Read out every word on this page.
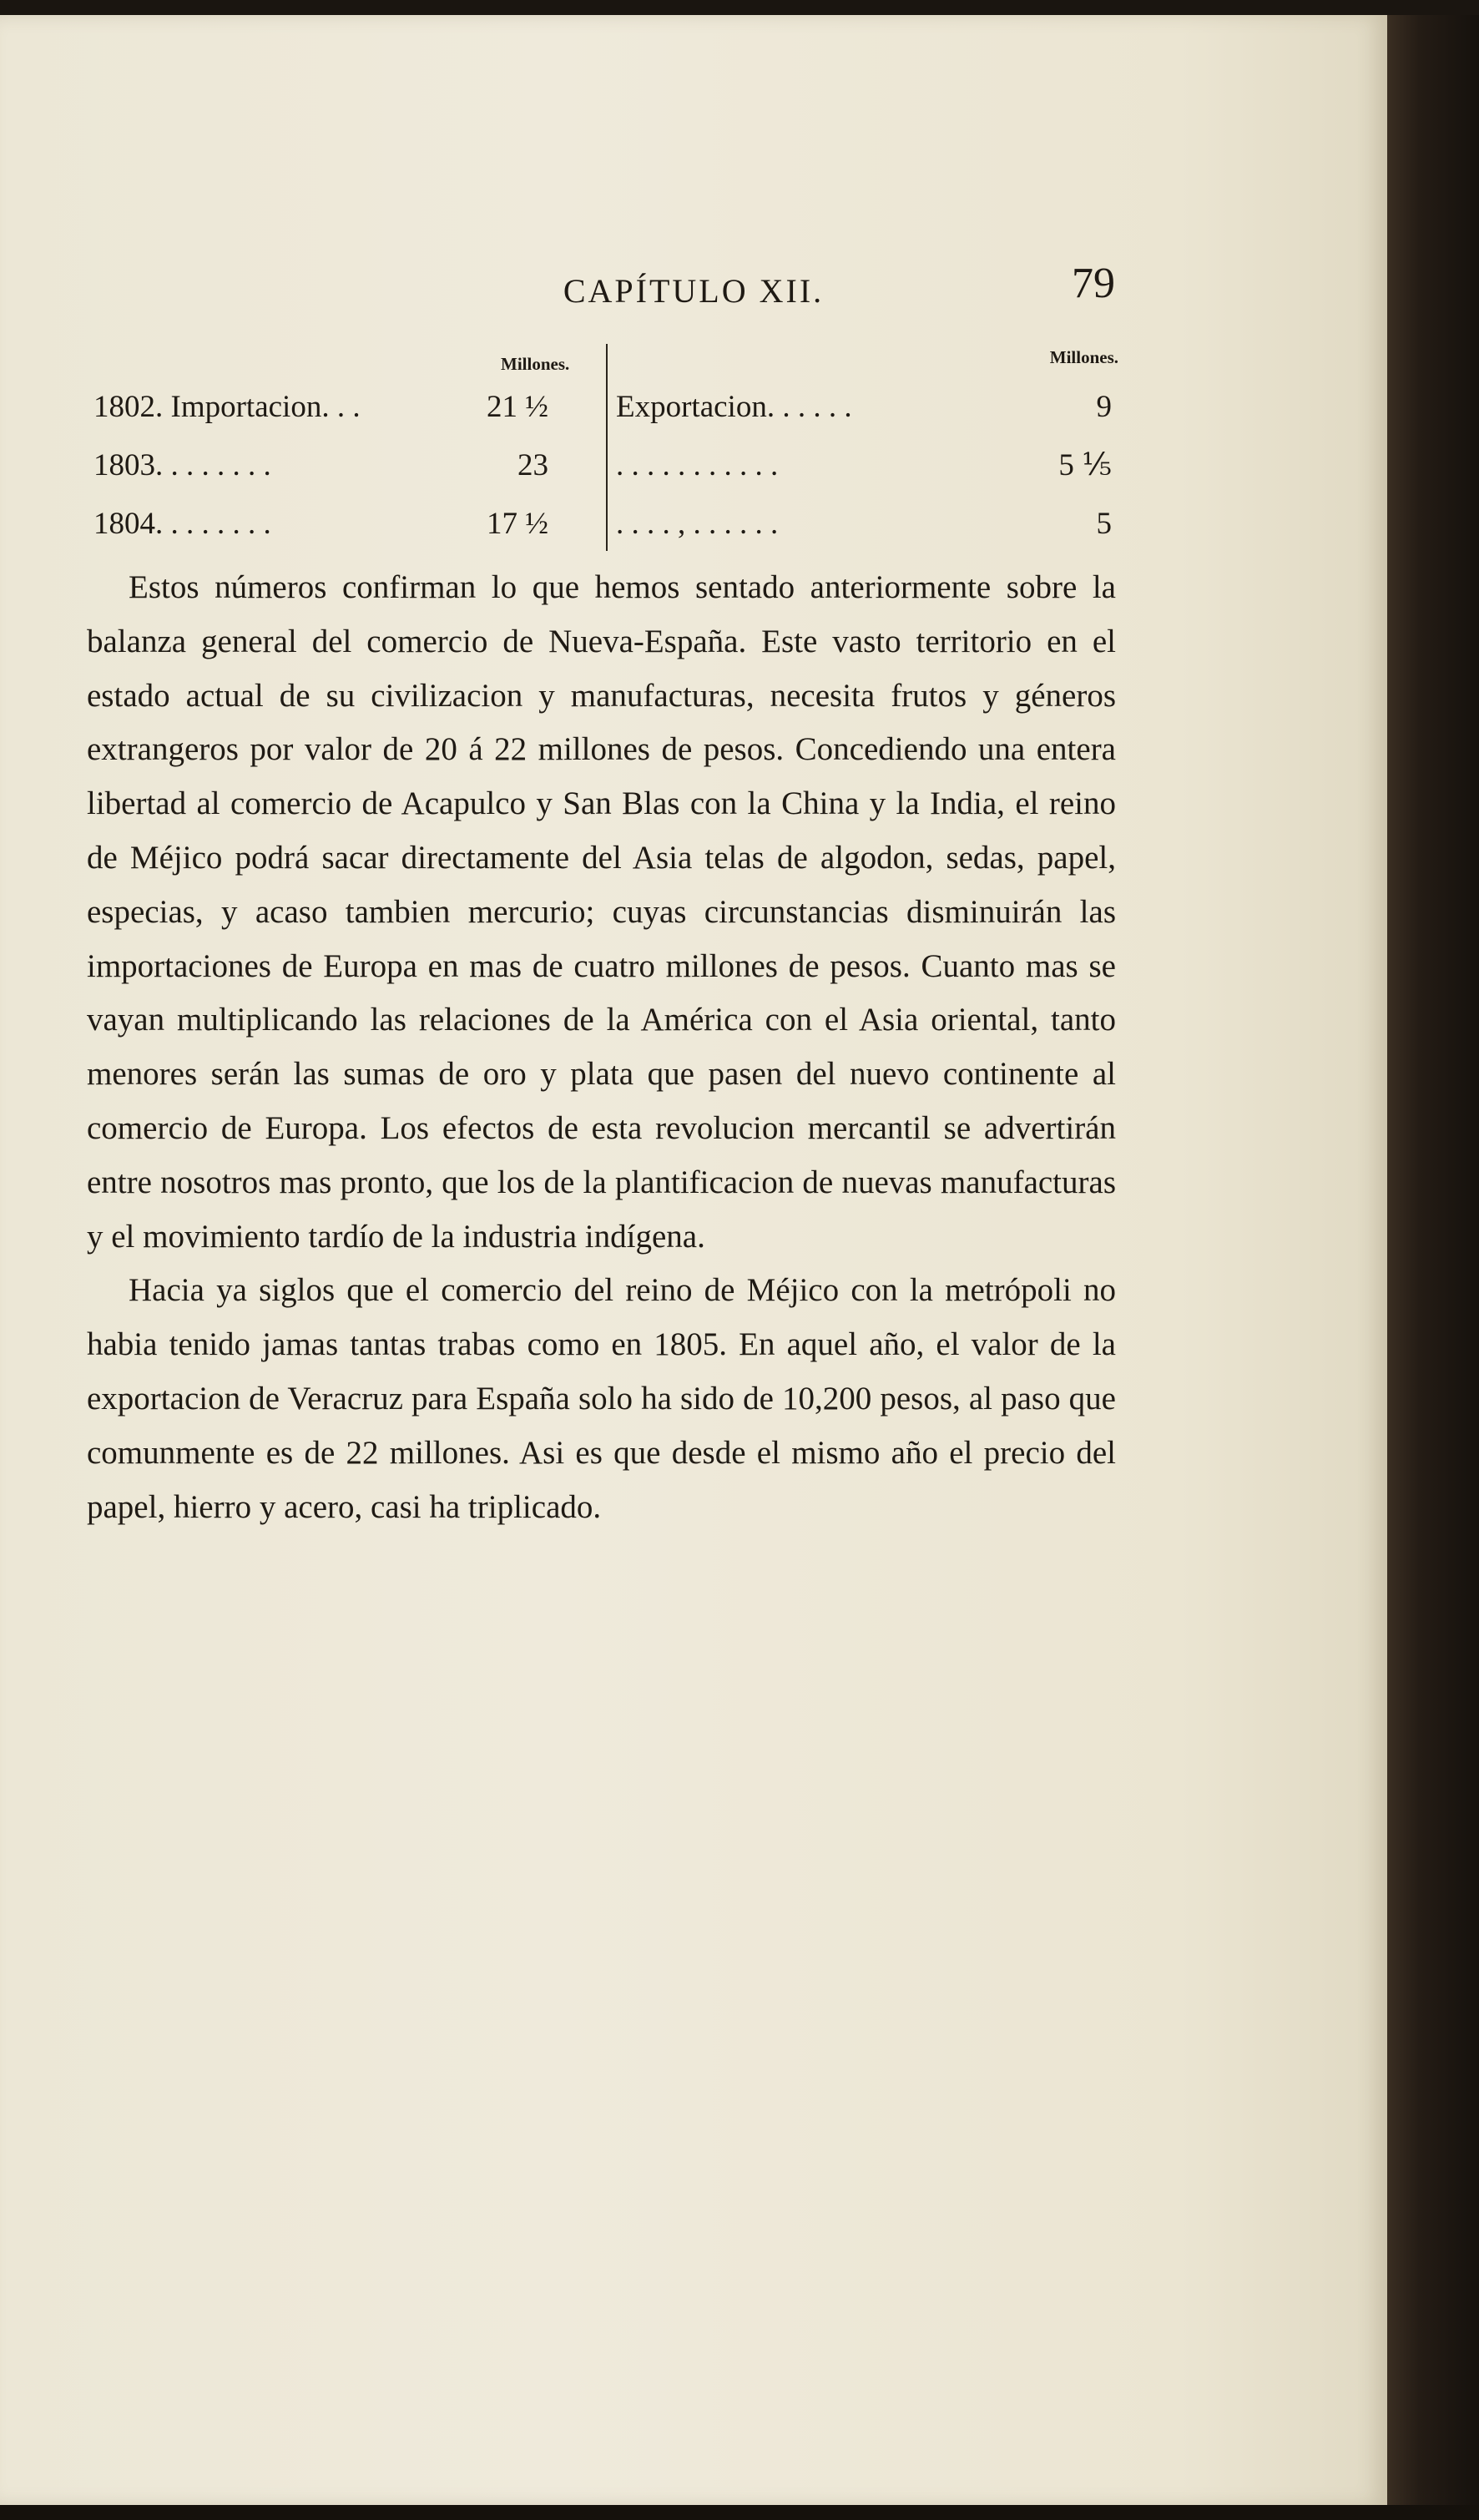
CAPÍTULO XII.	79
Millones.	Millones.
1802. Importacion. . .	21 ½ Exportacion. . . . . .	9
1803. . . . . . . .	23 . . . . . . . . . . .	5 ⅕
1804. . . . . . . .	17 ½ . . . . , . . . . . .	5

Estos números confirman lo que hemos sentado anteriormente sobre la balanza general del comercio de Nueva-España. Este vasto territorio en el estado actual de su civilizacion y manufacturas, necesita frutos y géneros extrangeros por valor de 20 á 22 millones de pesos. Concediendo una entera libertad al comercio de Acapulco y San Blas con la China y la India, el reino de Méjico podrá sacar directamente del Asia telas de algodon, sedas, papel, especias, y acaso tambien mercurio; cuyas circunstancias disminuirán las importaciones de Europa en mas de cuatro millones de pesos. Cuanto mas se vayan multiplicando las relaciones de la América con el Asia oriental, tanto menores serán las sumas de oro y plata que pasen del nuevo continente al comercio de Europa. Los efectos de esta revolucion mercantil se advertirán entre nosotros mas pronto, que los de la plantificacion de nuevas manufacturas y el movimiento tardío de la industria indígena.

Hacia ya siglos que el comercio del reino de Méjico con la metrópoli no habia tenido jamas tantas trabas como en 1805. En aquel año, el valor de la exportacion de Veracruz para España solo ha sido de 10,200 pesos, al paso que comunmente es de 22 millones. Asi es que desde el mismo año el precio del papel, hierro y acero, casi ha triplicado.
